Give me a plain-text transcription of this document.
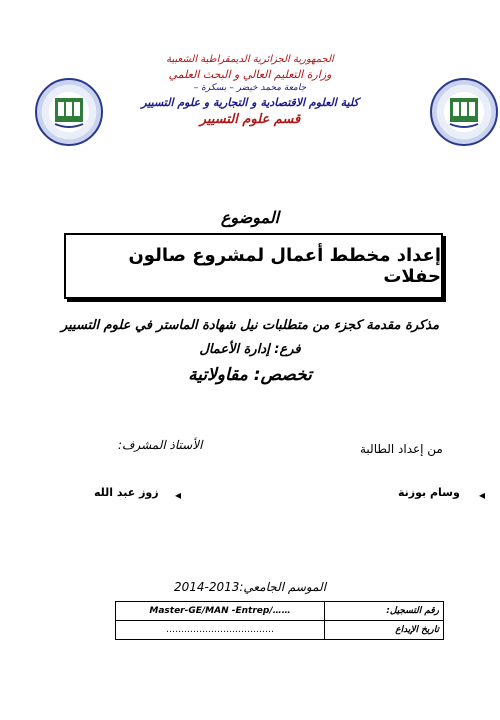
الجمهورية الجزائرية الديمقراطية الشعبية
وزارة التعليم العالي و البحث العلمي
جامعة محمد خيضر – بسكرة –
كلية العلوم الاقتصادية و التجارية و علوم التسيير
قسم علوم التسيير
الموضوع
إعداد مخطط أعمال لمشروع صالون حفلات
مذكرة مقدمة كجزء من متطلبات نيل شهادة الماستر في علوم التسيير
فرع: إدارة الأعمال
تخصص: مقاولاتية
من إعداد الطالبة
الأستاذ المشرف:
◂
وسام بوزنة
◂
زوز عبد الله
الموسم الجامعي:2013-2014
Master-GE/MAN -Entrep/……	رقم التسجيل:
………………………………	تاريخ الإيداع
